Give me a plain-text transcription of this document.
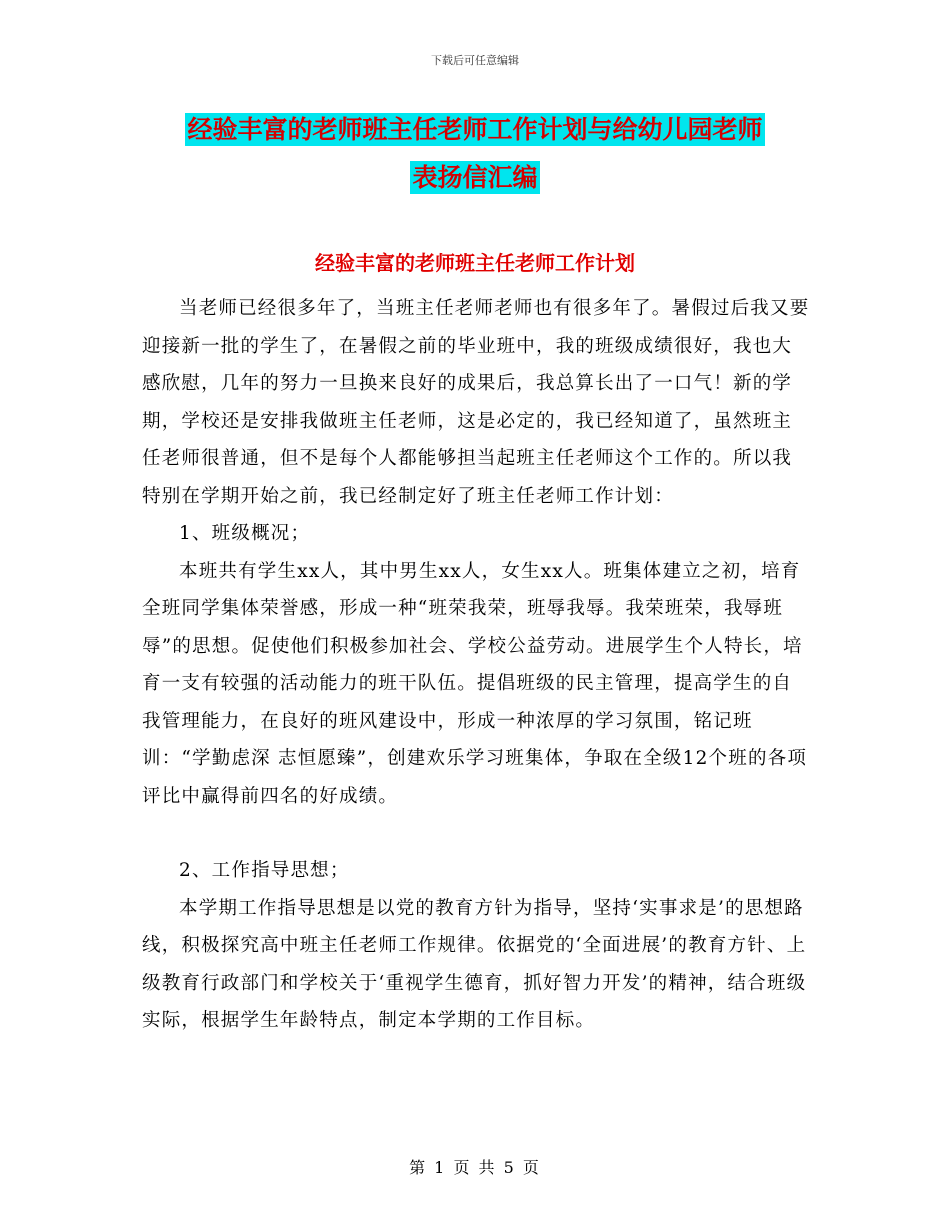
下载后可任意编辑
经验丰富的老师班主任老师工作计划与给幼儿园老师
表扬信汇编
经验丰富的老师班主任老师工作计划

当老师已经很多年了，当班主任老师老师也有很多年了。暑假过后我又要迎接新一批的学生了，在暑假之前的毕业班中，我的班级成绩很好，我也大感欣慰，几年的努力一旦换来良好的成果后，我总算长出了一口气！新的学期，学校还是安排我做班主任老师，这是必定的，我已经知道了，虽然班主任老师很普通，但不是每个人都能够担当起班主任老师这个工作的。所以我特别在学期开始之前，我已经制定好了班主任老师工作计划：

1、班级概况；

本班共有学生xx人，其中男生xx人，女生xx人。班集体建立之初，培育全班同学集体荣誉感，形成一种“班荣我荣，班辱我辱。我荣班荣，我辱班辱”的思想。促使他们积极参加社会、学校公益劳动。进展学生个人特长，培育一支有较强的活动能力的班干队伍。提倡班级的民主管理，提高学生的自我管理能力，在良好的班风建设中，形成一种浓厚的学习氛围，铭记班训：“学勤虑深 志恒愿臻”，创建欢乐学习班集体，争取在全级12个班的各项评比中赢得前四名的好成绩。

2、工作指导思想；

本学期工作指导思想是以党的教育方针为指导，坚持‘实事求是’的思想路线，积极探究高中班主任老师工作规律。依据党的‘全面进展’的教育方针、上级教育行政部门和学校关于‘重视学生德育，抓好智力开发’的精神，结合班级实际，根据学生年龄特点，制定本学期的工作目标。

第 1 页 共 5 页
